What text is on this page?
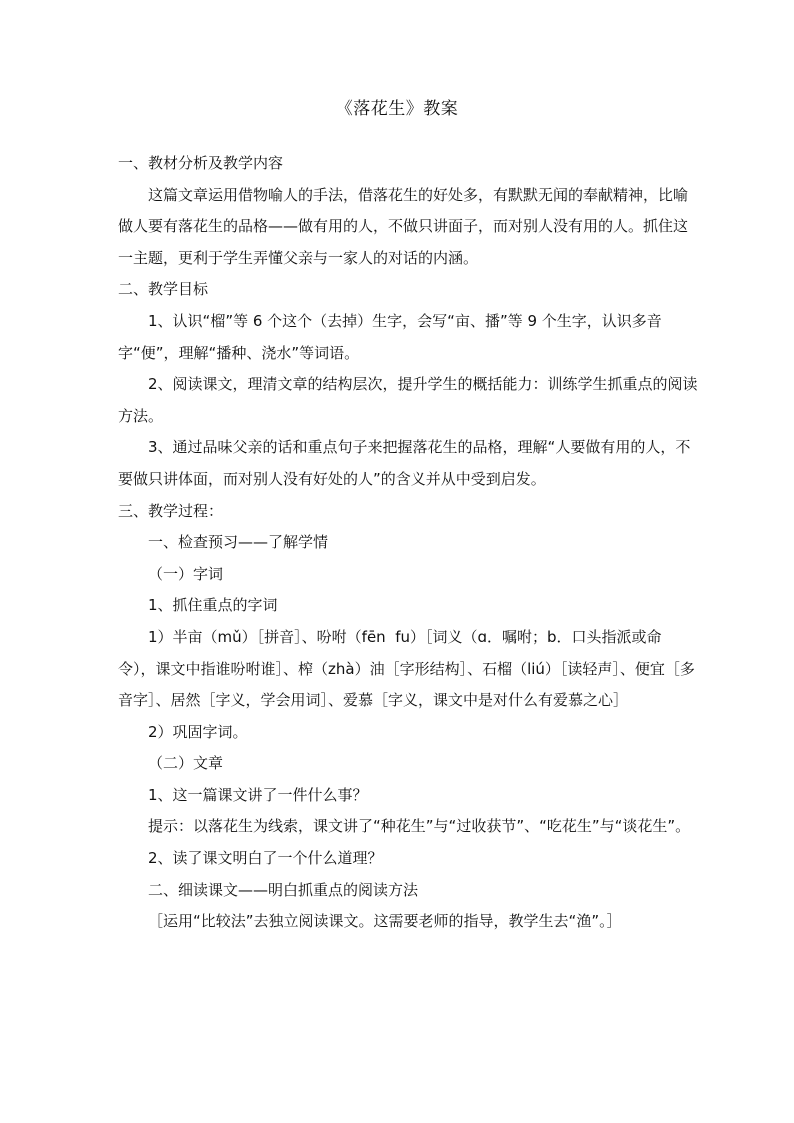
《落花生》教案

一、教材分析及教学内容

这篇文章运用借物喻人的手法，借落花生的好处多，有默默无闻的奉献精神，比喻做人要有落花生的品格——做有用的人，不做只讲面子，而对别人没有用的人。抓住这一主题，更利于学生弄懂父亲与一家人的对话的内涵。

二、教学目标

1、认识“榴”等 6 个这个（去掉）生字，会写“亩、播”等 9 个生字，认识多音字“便”，理解“播种、浇水”等词语。

2、阅读课文，理清文章的结构层次，提升学生的概括能力：训练学生抓重点的阅读方法。

3、通过品味父亲的话和重点句子来把握落花生的品格，理解“人要做有用的人，不要做只讲体面，而对别人没有好处的人”的含义并从中受到启发。

三、教学过程：

一、检查预习——了解学情

（一）字词

1、抓住重点的字词

1）半亩（mǔ）［拼音］、吩咐（fēn  fu）［词义（ɑ．嘱咐；b．口头指派或命令），课文中指谁吩咐谁］、榨（zhà）油［字形结构］、石榴（liú）［读轻声］、便宜［多音字］、居然［字义，学会用词］、爱慕［字义，课文中是对什么有爱慕之心］

2）巩固字词。

（二）文章

1、这一篇课文讲了一件什么事？

提示：以落花生为线索，课文讲了“种花生”与“过收获节”、“吃花生”与“谈花生”。

2、读了课文明白了一个什么道理？

二、细读课文——明白抓重点的阅读方法

［运用“比较法”去独立阅读课文。这需要老师的指导，教学生去“渔”。］
